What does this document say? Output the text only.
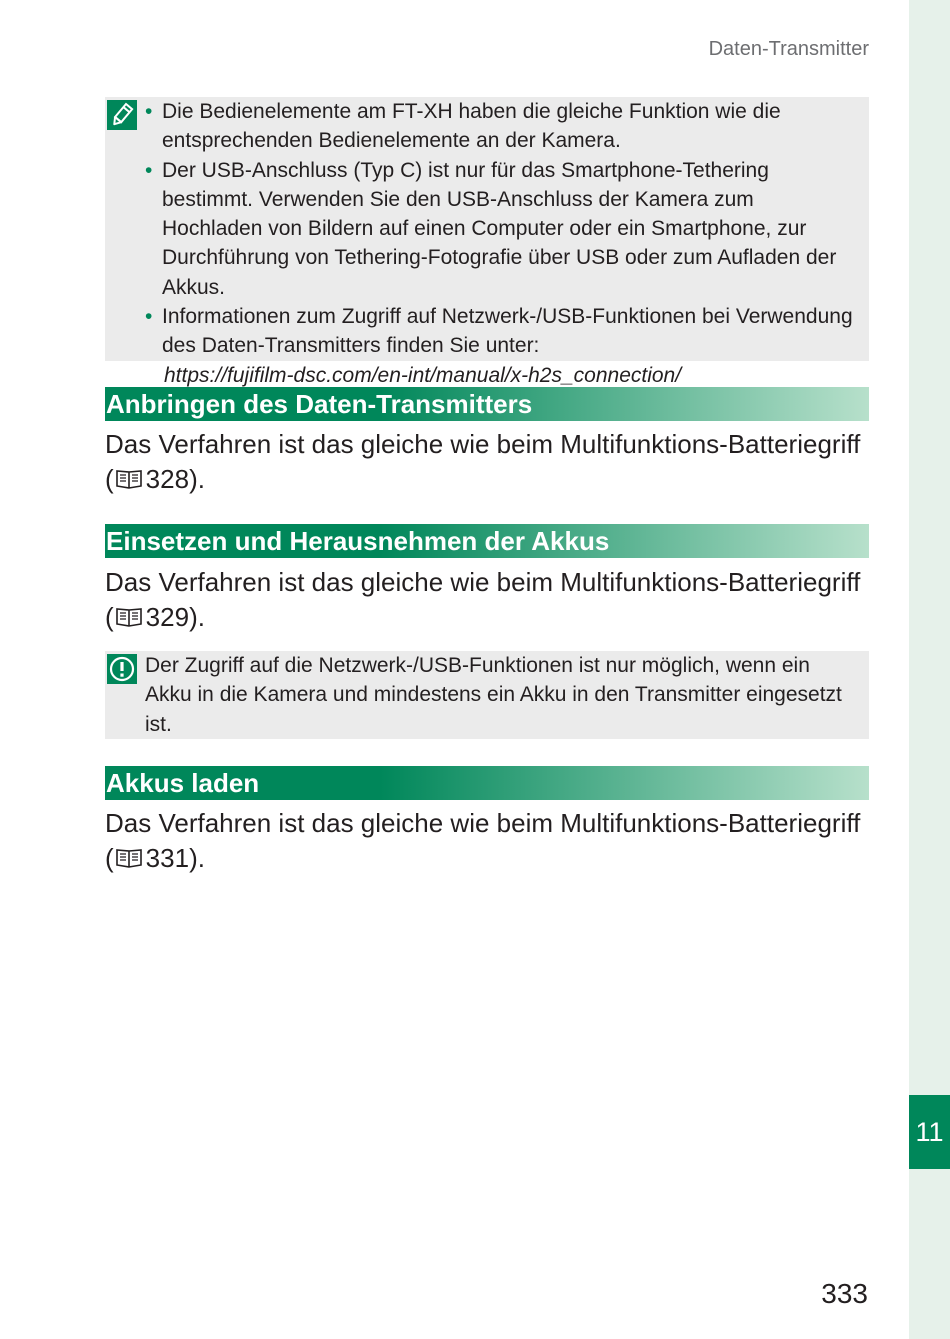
11
Daten-Transmitter
• Die Bedienelemente am FT-XH haben die gleiche Funktion wie die entsprechenden Bedienelemente an der Kamera.
• Der USB-Anschluss (Typ C) ist nur für das Smartphone-Tethering bestimmt. Verwenden Sie den USB-Anschluss der Kamera zum Hochladen von Bildern auf einen Computer oder ein Smartphone, zur Durchführung von Tethering-Fotografie über USB oder zum Aufladen der Akkus.
• Informationen zum Zugriff auf Netzwerk-/USB-Funktionen bei Verwendung des Daten-Transmitters finden Sie unter:
https://fujifilm-dsc.com/en-int/manual/x-h2s_connection/
Anbringen des Daten-Transmitters

Das Verfahren ist das gleiche wie beim Multifunktions-Batteriegriff ( 328).

Einsetzen und Herausnehmen der Akkus

Das Verfahren ist das gleiche wie beim Multifunktions-Batteriegriff ( 329).

Der Zugriff auf die Netzwerk-/USB-Funktionen ist nur möglich, wenn ein Akku in die Kamera und mindestens ein Akku in den Transmitter eingesetzt ist.
Akkus laden

Das Verfahren ist das gleiche wie beim Multifunktions-Batteriegriff ( 331).

333
